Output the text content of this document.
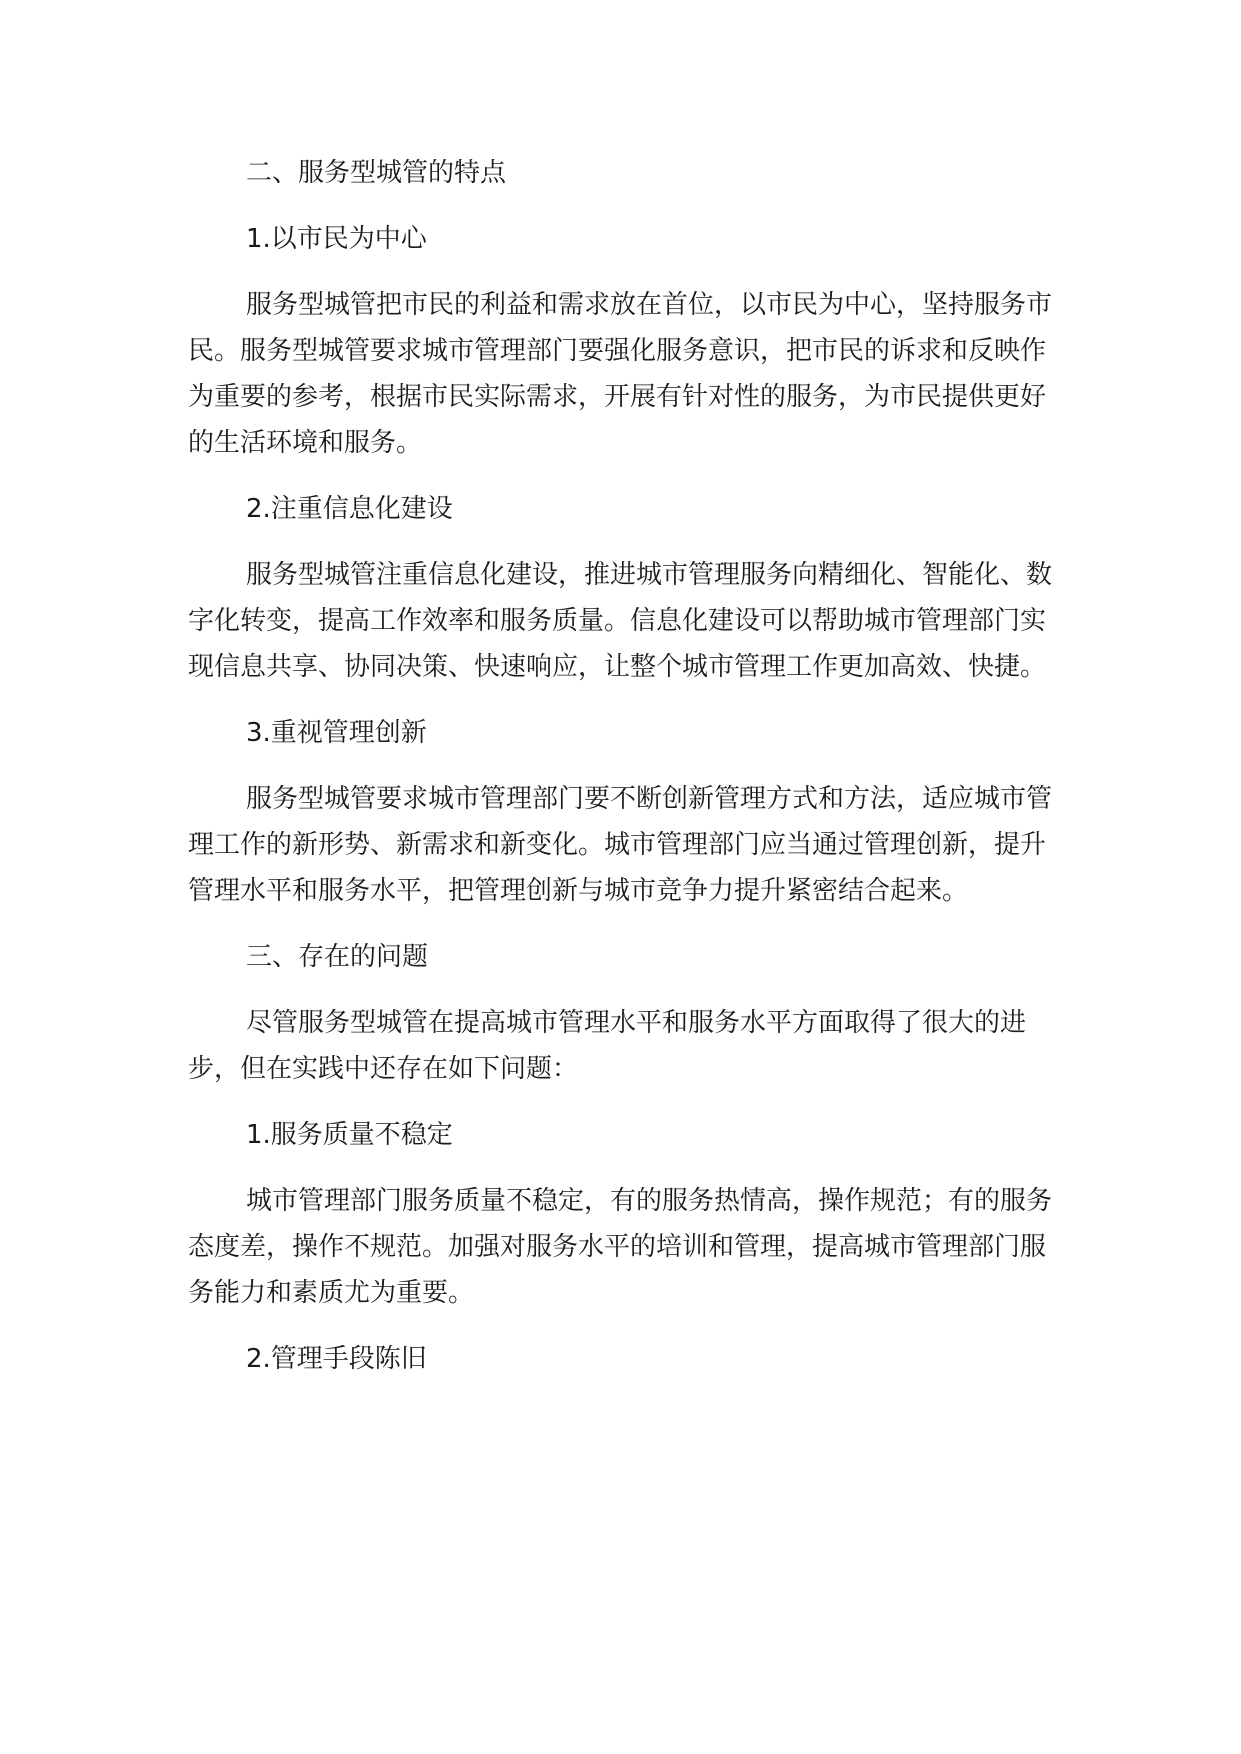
二、服务型城管的特点

1.以市民为中心

服务型城管把市民的利益和需求放在首位，以市民为中心，坚持服务市民。服务型城管要求城市管理部门要强化服务意识，把市民的诉求和反映作为重要的参考，根据市民实际需求，开展有针对性的服务，为市民提供更好的生活环境和服务。

2.注重信息化建设

服务型城管注重信息化建设，推进城市管理服务向精细化、智能化、数字化转变，提高工作效率和服务质量。信息化建设可以帮助城市管理部门实现信息共享、协同决策、快速响应，让整个城市管理工作更加高效、快捷。

3.重视管理创新

服务型城管要求城市管理部门要不断创新管理方式和方法，适应城市管理工作的新形势、新需求和新变化。城市管理部门应当通过管理创新，提升管理水平和服务水平，把管理创新与城市竞争力提升紧密结合起来。

三、存在的问题

尽管服务型城管在提高城市管理水平和服务水平方面取得了很大的进步，但在实践中还存在如下问题：

1.服务质量不稳定

城市管理部门服务质量不稳定，有的服务热情高，操作规范；有的服务态度差，操作不规范。加强对服务水平的培训和管理，提高城市管理部门服务能力和素质尤为重要。

2.管理手段陈旧
